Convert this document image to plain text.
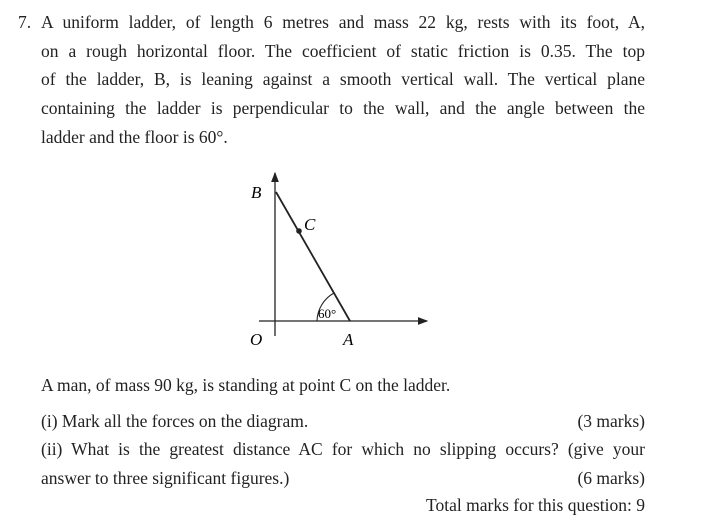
7. A uniform ladder, of length 6 metres and mass 22 kg, rests with its foot, A,
on a rough horizontal floor. The coefficient of static friction is 0.35. The top
of the ladder, B, is leaning against a smooth vertical wall. The vertical plane
containing the ladder is perpendicular to the wall, and the angle between the
ladder and the floor is 60°.
B
C
O	A
60°
A man, of mass 90 kg, is standing at point C on the ladder.
(i) Mark all the forces on the diagram.	(3 marks)
(ii) What is the greatest distance AC for which no slipping occurs? (give your
answer to three significant figures.)	(6 marks)
Total marks for this question: 9
